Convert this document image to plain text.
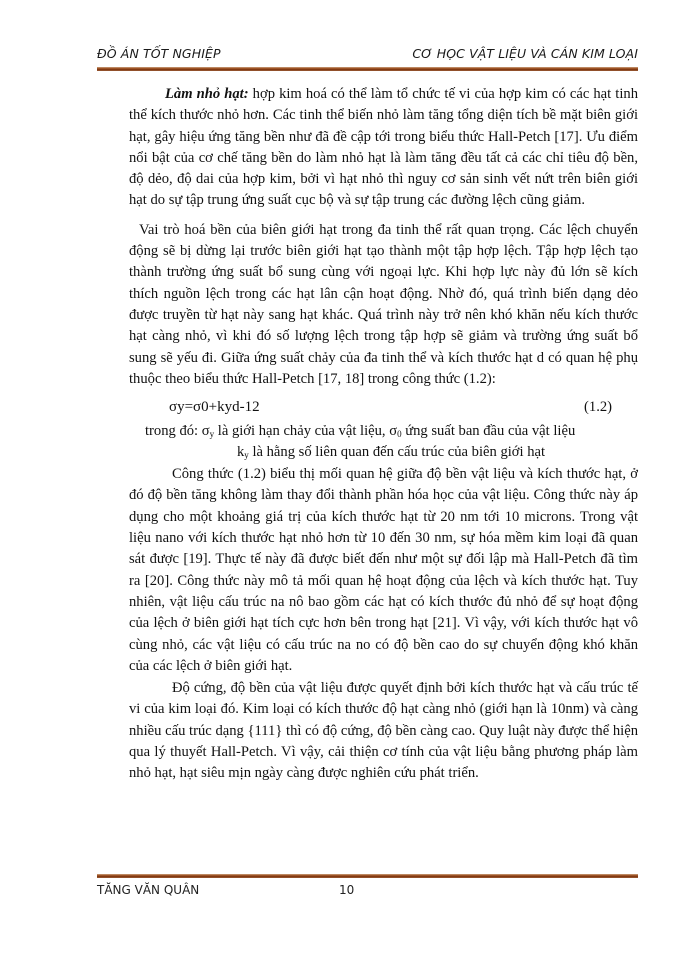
ĐỒ ÁN TỐT NGHIỆP	CƠ HỌC VẬT LIỆU VÀ CÁN KIM LOẠI

Làm nhỏ hạt: hợp kim hoá có thể làm tổ chức tế vi của hợp kim có các hạt tinh thể kích thước nhỏ hơn. Các tinh thể biến nhỏ làm tăng tổng diện tích bề mặt biên giới hạt, gây hiệu ứng tăng bền như đã đề cập tới trong biểu thức Hall-Petch [17]. Ưu điểm nổi bật của cơ chế tăng bền do làm nhỏ hạt là làm tăng đều tất cả các chỉ tiêu độ bền, độ dẻo, độ dai của hợp kim, bởi vì hạt nhỏ thì nguy cơ sản sinh vết nứt trên biên giới hạt do sự tập trung ứng suất cục bộ và sự tập trung các đường lệch cũng giảm.

Vai trò hoá bền của biên giới hạt trong đa tinh thể rất quan trọng. Các lệch chuyển động sẽ bị dừng lại trước biên giới hạt tạo thành một tập hợp lệch. Tập hợp lệch tạo thành trường ứng suất bổ sung cùng với ngoại lực. Khi hợp lực này đủ lớn sẽ kích thích nguồn lệch trong các hạt lân cận hoạt động. Nhờ đó, quá trình biến dạng dẻo được truyền từ hạt này sang hạt khác. Quá trình này trở nên khó khăn nếu kích thước hạt càng nhỏ, vì khi đó số lượng lệch trong tập hợp sẽ giảm và trường ứng suất bổ sung sẽ yếu đi. Giữa ứng suất chảy của đa tinh thể và kích thước hạt d có quan hệ phụ thuộc theo biểu thức Hall-Petch [17, 18] trong công thức (1.2):

σy=σ0+kyd-12	(1.2)

trong đó: $\sigma_y$ là giới hạn chảy của vật liệu, $\sigma_0$ ứng suất ban đầu của vật liệu

$k_y$ là hằng số liên quan đến cấu trúc của biên giới hạt

Công thức (1.2) biểu thị mối quan hệ giữa độ bền vật liệu và kích thước hạt, ở đó độ bền tăng không làm thay đổi thành phần hóa học của vật liệu. Công thức này áp dụng cho một khoảng giá trị của kích thước hạt từ 20 nm tới 10 microns. Trong vật liệu nano với kích thước hạt nhỏ hơn từ 10 đến 30 nm, sự hóa mềm kim loại đã quan sát được [19]. Thực tế này đã được biết đến như một sự đối lập mà Hall-Petch đã tìm ra [20]. Công thức này mô tả mối quan hệ hoạt động của lệch và kích thước hạt. Tuy nhiên, vật liệu cấu trúc na nô bao gồm các hạt có kích thước đủ nhỏ để sự hoạt động của lệch ở biên giới hạt tích cực hơn bên trong hạt [21]. Vì vậy, với kích thước hạt vô cùng nhỏ, các vật liệu có cấu trúc na no có độ bền cao do sự chuyển động khó khăn của các lệch ở biên giới hạt.

Độ cứng, độ bền của vật liệu được quyết định bởi kích thước hạt và cấu trúc tế vi của kim loại đó. Kim loại có kích thước độ hạt càng nhỏ (giới hạn là 10nm) và càng nhiều cấu trúc dạng {111} thì có độ cứng, độ bền càng cao. Quy luật này được thể hiện qua lý thuyết Hall-Petch. Vì vậy, cải thiện cơ tính của vật liệu bằng phương pháp làm nhỏ hạt, hạt siêu mịn ngày càng được nghiên cứu phát triển.

TĂNG VĂN QUÂN	10
